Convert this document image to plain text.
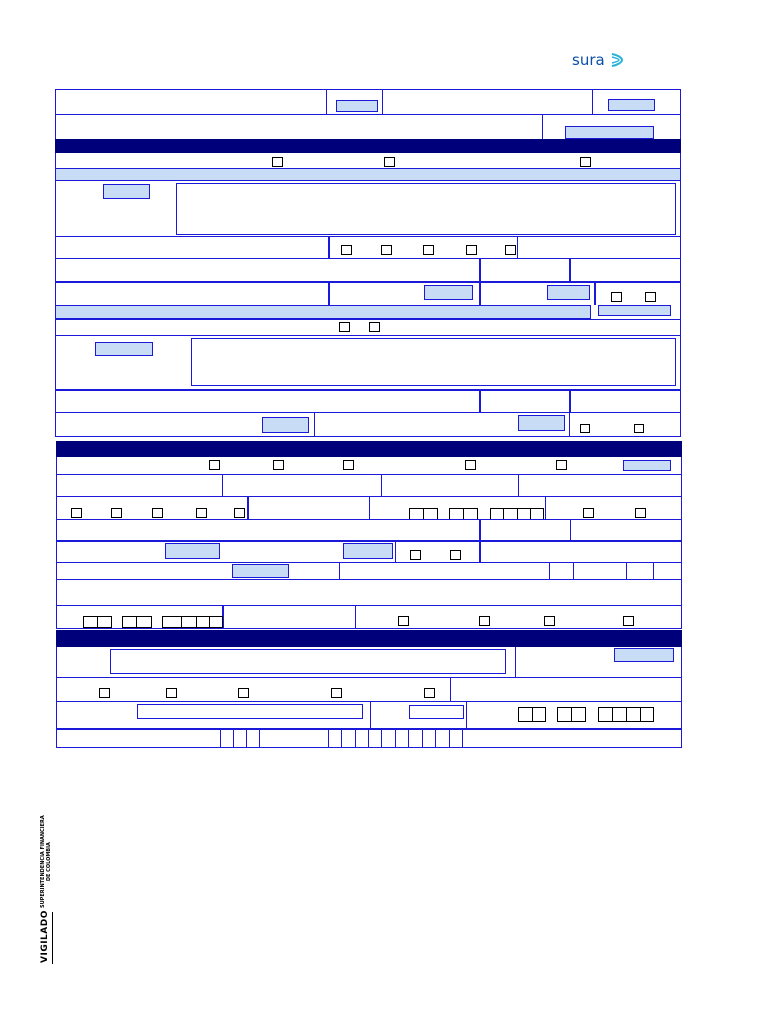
sura
VIGILADO
SUPERINTENDENCIA FINANCIERA DE COLOMBIA
